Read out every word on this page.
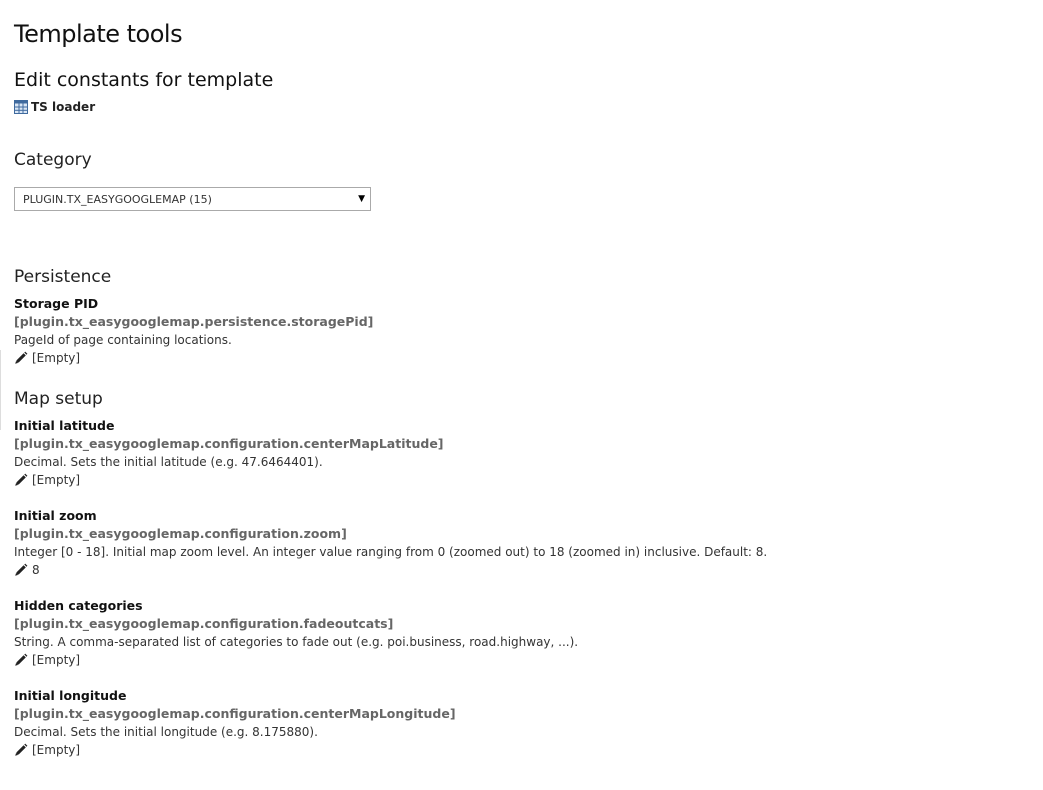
Template tools
Edit constants for template
TS loader
Category
PLUGIN.TX_EASYGOOGLEMAP (15)	▼
Persistence
Storage PID
[plugin.tx_easygooglemap.persistence.storagePid]
PageId of page containing locations.
[Empty]
Map setup
Initial latitude
[plugin.tx_easygooglemap.configuration.centerMapLatitude]
Decimal. Sets the initial latitude (e.g. 47.6464401).
[Empty]
Initial zoom
[plugin.tx_easygooglemap.configuration.zoom]
Integer [0 - 18]. Initial map zoom level. An integer value ranging from 0 (zoomed out) to 18 (zoomed in) inclusive. Default: 8.
8
Hidden categories
[plugin.tx_easygooglemap.configuration.fadeoutcats]
String. A comma-separated list of categories to fade out (e.g. poi.business, road.highway, ...).
[Empty]
Initial longitude
[plugin.tx_easygooglemap.configuration.centerMapLongitude]
Decimal. Sets the initial longitude (e.g. 8.175880).
[Empty]
